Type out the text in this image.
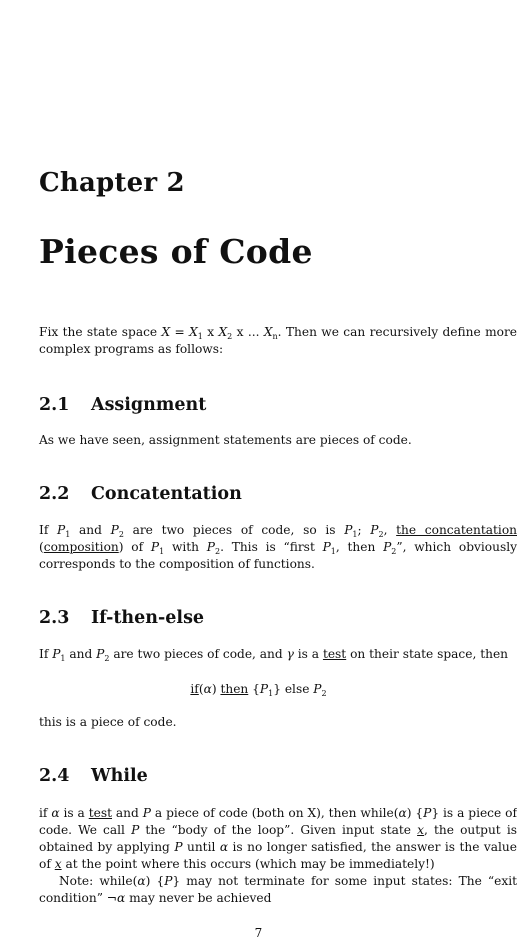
Chapter 2
Pieces of Code
Fix the state space $X = X_1$ x $X_2$ x ... $X_n$. Then we can recursively define more complex programs as follows:
2.1 Assignment
As we have seen, assignment statements are pieces of code.
2.2 Concatentation
If $P_1$ and $P_2$ are two pieces of code, so is $P_1$; $P_2$, the concatentation (composition) of $P_1$ with $P_2$. This is “first $P_1$, then $P_2$”, which obviously corresponds to the composition of functions.
2.3 If-then-else
If $P_1$ and $P_2$ are two pieces of code, and γ is a test on their state space, then
if(α) then $\{P_1\}$ else $P_2$
this is a piece of code.
2.4 While
if α is a test and P a piece of code (both on X), then while(α) {P} is a piece of code. We call P the “body of the loop”. Given input state x, the output is obtained by applying P until α is no longer satisfied, the answer is the value of x at the point where this occurs (which may be immediately!)
Note: while(α) {P} may not terminate for some input states: The “exit condition” ¬α may never be achieved
7
